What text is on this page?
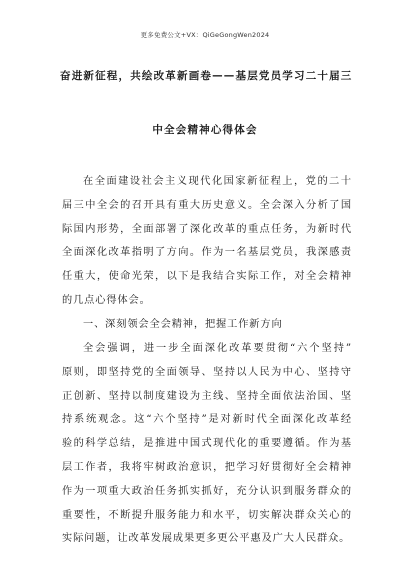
更多免费公文+VX：QiGeGongWen2024
奋进新征程，共绘改革新画卷——基层党员学习二十届三
中全会精神心得体会
在全面建设社会主义现代化国家新征程上，党的二十
届三中全会的召开具有重大历史意义。全会深入分析了国
际国内形势，全面部署了深化改革的重点任务，为新时代
全面深化改革指明了方向。作为一名基层党员，我深感责
任重大，使命光荣，以下是我结合实际工作，对全会精神
的几点心得体会。
一、深刻领会全会精神，把握工作新方向
全会强调，进一步全面深化改革要贯彻“六个坚持”
原则，即坚持党的全面领导、坚持以人民为中心、坚持守
正创新、坚持以制度建设为主线、坚持全面依法治国、坚
持系统观念。这“六个坚持”是对新时代全面深化改革经
验的科学总结，是推进中国式现代化的重要遵循。作为基
层工作者，我将牢树政治意识，把学习好贯彻好全会精神
作为一项重大政治任务抓实抓好，充分认识到服务群众的
重要性，不断提升服务能力和水平，切实解决群众关心的
实际问题，让改革发展成果更多更公平惠及广大人民群众。
